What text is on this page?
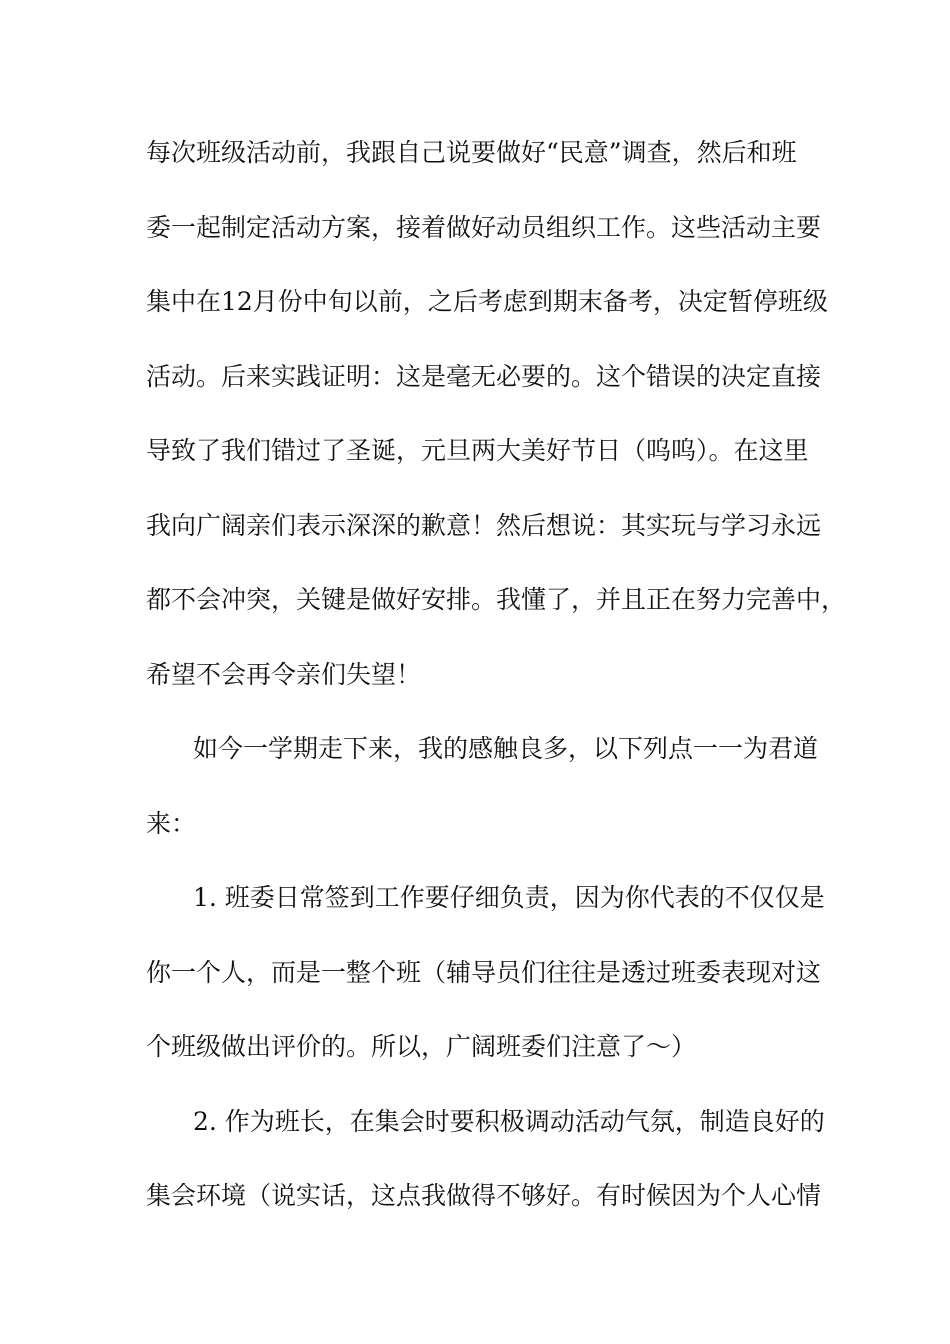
每次班级活动前，我跟自己说要做好“民意”调查，然后和班
委一起制定活动方案，接着做好动员组织工作。这些活动主要
集中在12月份中旬以前，之后考虑到期末备考，决定暂停班级
活动。后来实践证明：这是毫无必要的。这个错误的决定直接
导致了我们错过了圣诞，元旦两大美好节日（呜呜）。在这里
我向广阔亲们表示深深的歉意！然后想说：其实玩与学习永远
都不会冲突，关键是做好安排。我懂了，并且正在努力完善中，
希望不会再令亲们失望！
如今一学期走下来，我的感触良多，以下列点一一为君道
来：
1. 班委日常签到工作要仔细负责，因为你代表的不仅仅是
你一个人，而是一整个班（辅导员们往往是透过班委表现对这
个班级做出评价的。所以，广阔班委们注意了～）
2. 作为班长，在集会时要积极调动活动气氛，制造良好的
集会环境（说实话，这点我做得不够好。有时候因为个人心情
